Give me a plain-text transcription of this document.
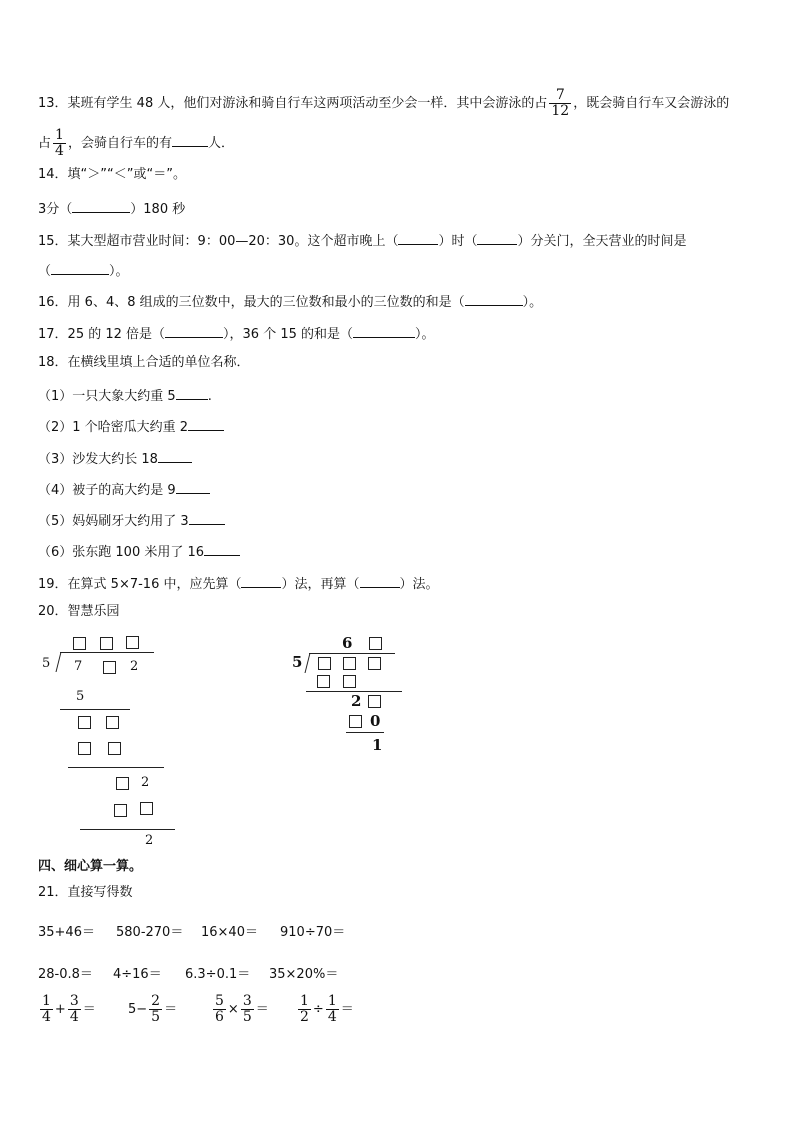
13．某班有学生 48 人，他们对游泳和骑自行车这两项活动至少会一样．其中会游泳的占 $\frac{7}{12}$ ，既会骑自行车又会游泳的
占 $\frac{1}{4}$ ，会骑自行车的有	人．
14．填“＞”“＜”或“＝”。
3分（	）180 秒
15．某大型超市营业时间：9：00—20：30。这个超市晚上（	）时（	）分关门，全天营业的时间是
（	）。
16．用 6、4、8 组成的三位数中，最大的三位数和最小的三位数的和是（	）。
17．25 的 12 倍是（	），36 个 15 的和是（	）。
18．在横线里填上合适的单位名称．
（1）一只大象大约重 5 .
（2）1 个哈密瓜大约重 2
（3）沙发大约长 18
（4）被子的高大约是 9
（5）妈妈刷牙大约用了 3
（6）张东跑 100 米用了 16
19．在算式 5×7-16 中，应先算（	）法，再算（	）法。
20．智慧乐园
5 7	2
5
2
2
6
5
2
0
1
四、细心算一算。
21．直接写得数
35+46＝ 580-270＝ 16×40＝ 910÷70＝
28-0.8＝ 4÷16＝ 6.3÷0.1＝ 35×20%＝
$\frac{1}{4} + \frac{3}{4} = 5- \frac{2}{5}$ ＝	$\frac{5}{6} \times \frac{3}{5} = \frac{1}{2} \div \frac{1}{4}$ ＝
